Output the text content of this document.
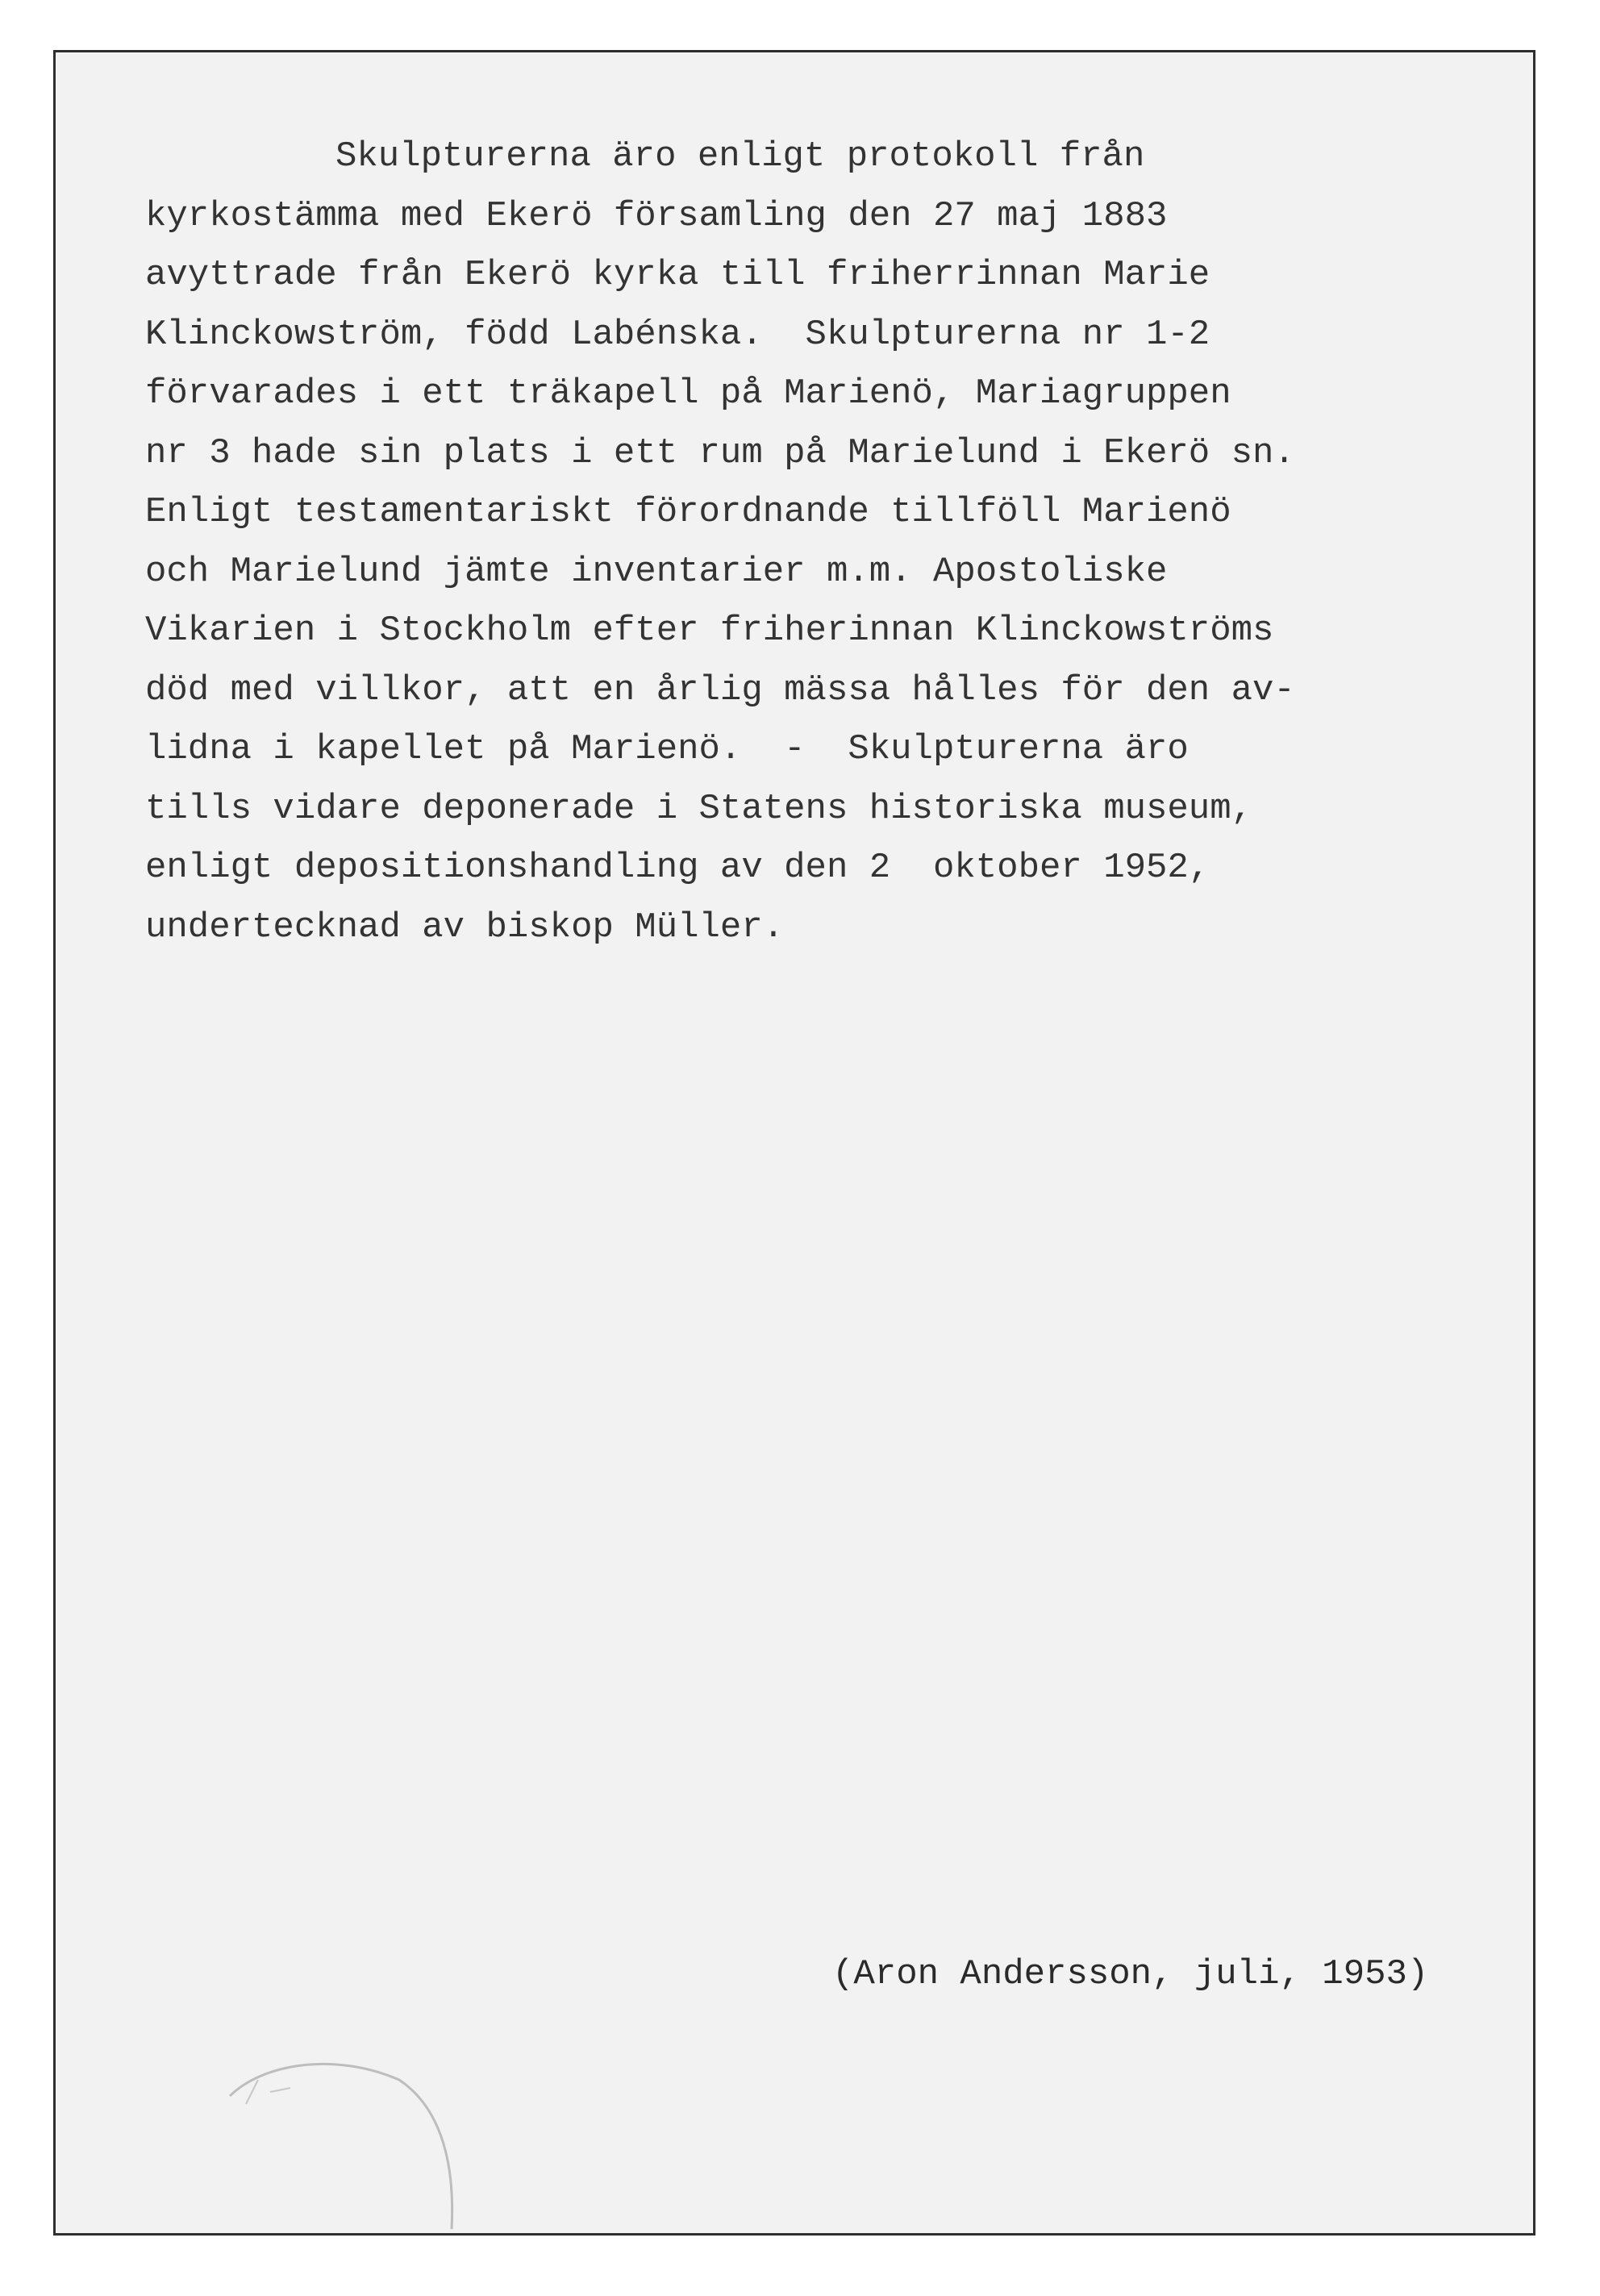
Skulpturerna äro enligt protokoll från
kyrkostämma med Ekerö församling den 27 maj 1883
avyttrade från Ekerö kyrka till friherrinnan Marie
Klinckowström, född Labénska.  Skulpturerna nr 1-2
förvarades i ett träkapell på Marienö, Mariagruppen
nr 3 hade sin plats i ett rum på Marielund i Ekerö sn.
Enligt testamentariskt förordnande tillföll Marienö
och Marielund jämte inventarier m.m. Apostoliske
Vikarien i Stockholm efter friherinnan Klinckowströms
död med villkor, att en årlig mässa hålles för den av-
lidna i kapellet på Marienö.  -  Skulpturerna äro
tills vidare deponerade i Statens historiska museum,
enligt depositionshandling av den 2  oktober 1952,
undertecknad av biskop Müller.
(Aron Andersson, juli, 1953)
